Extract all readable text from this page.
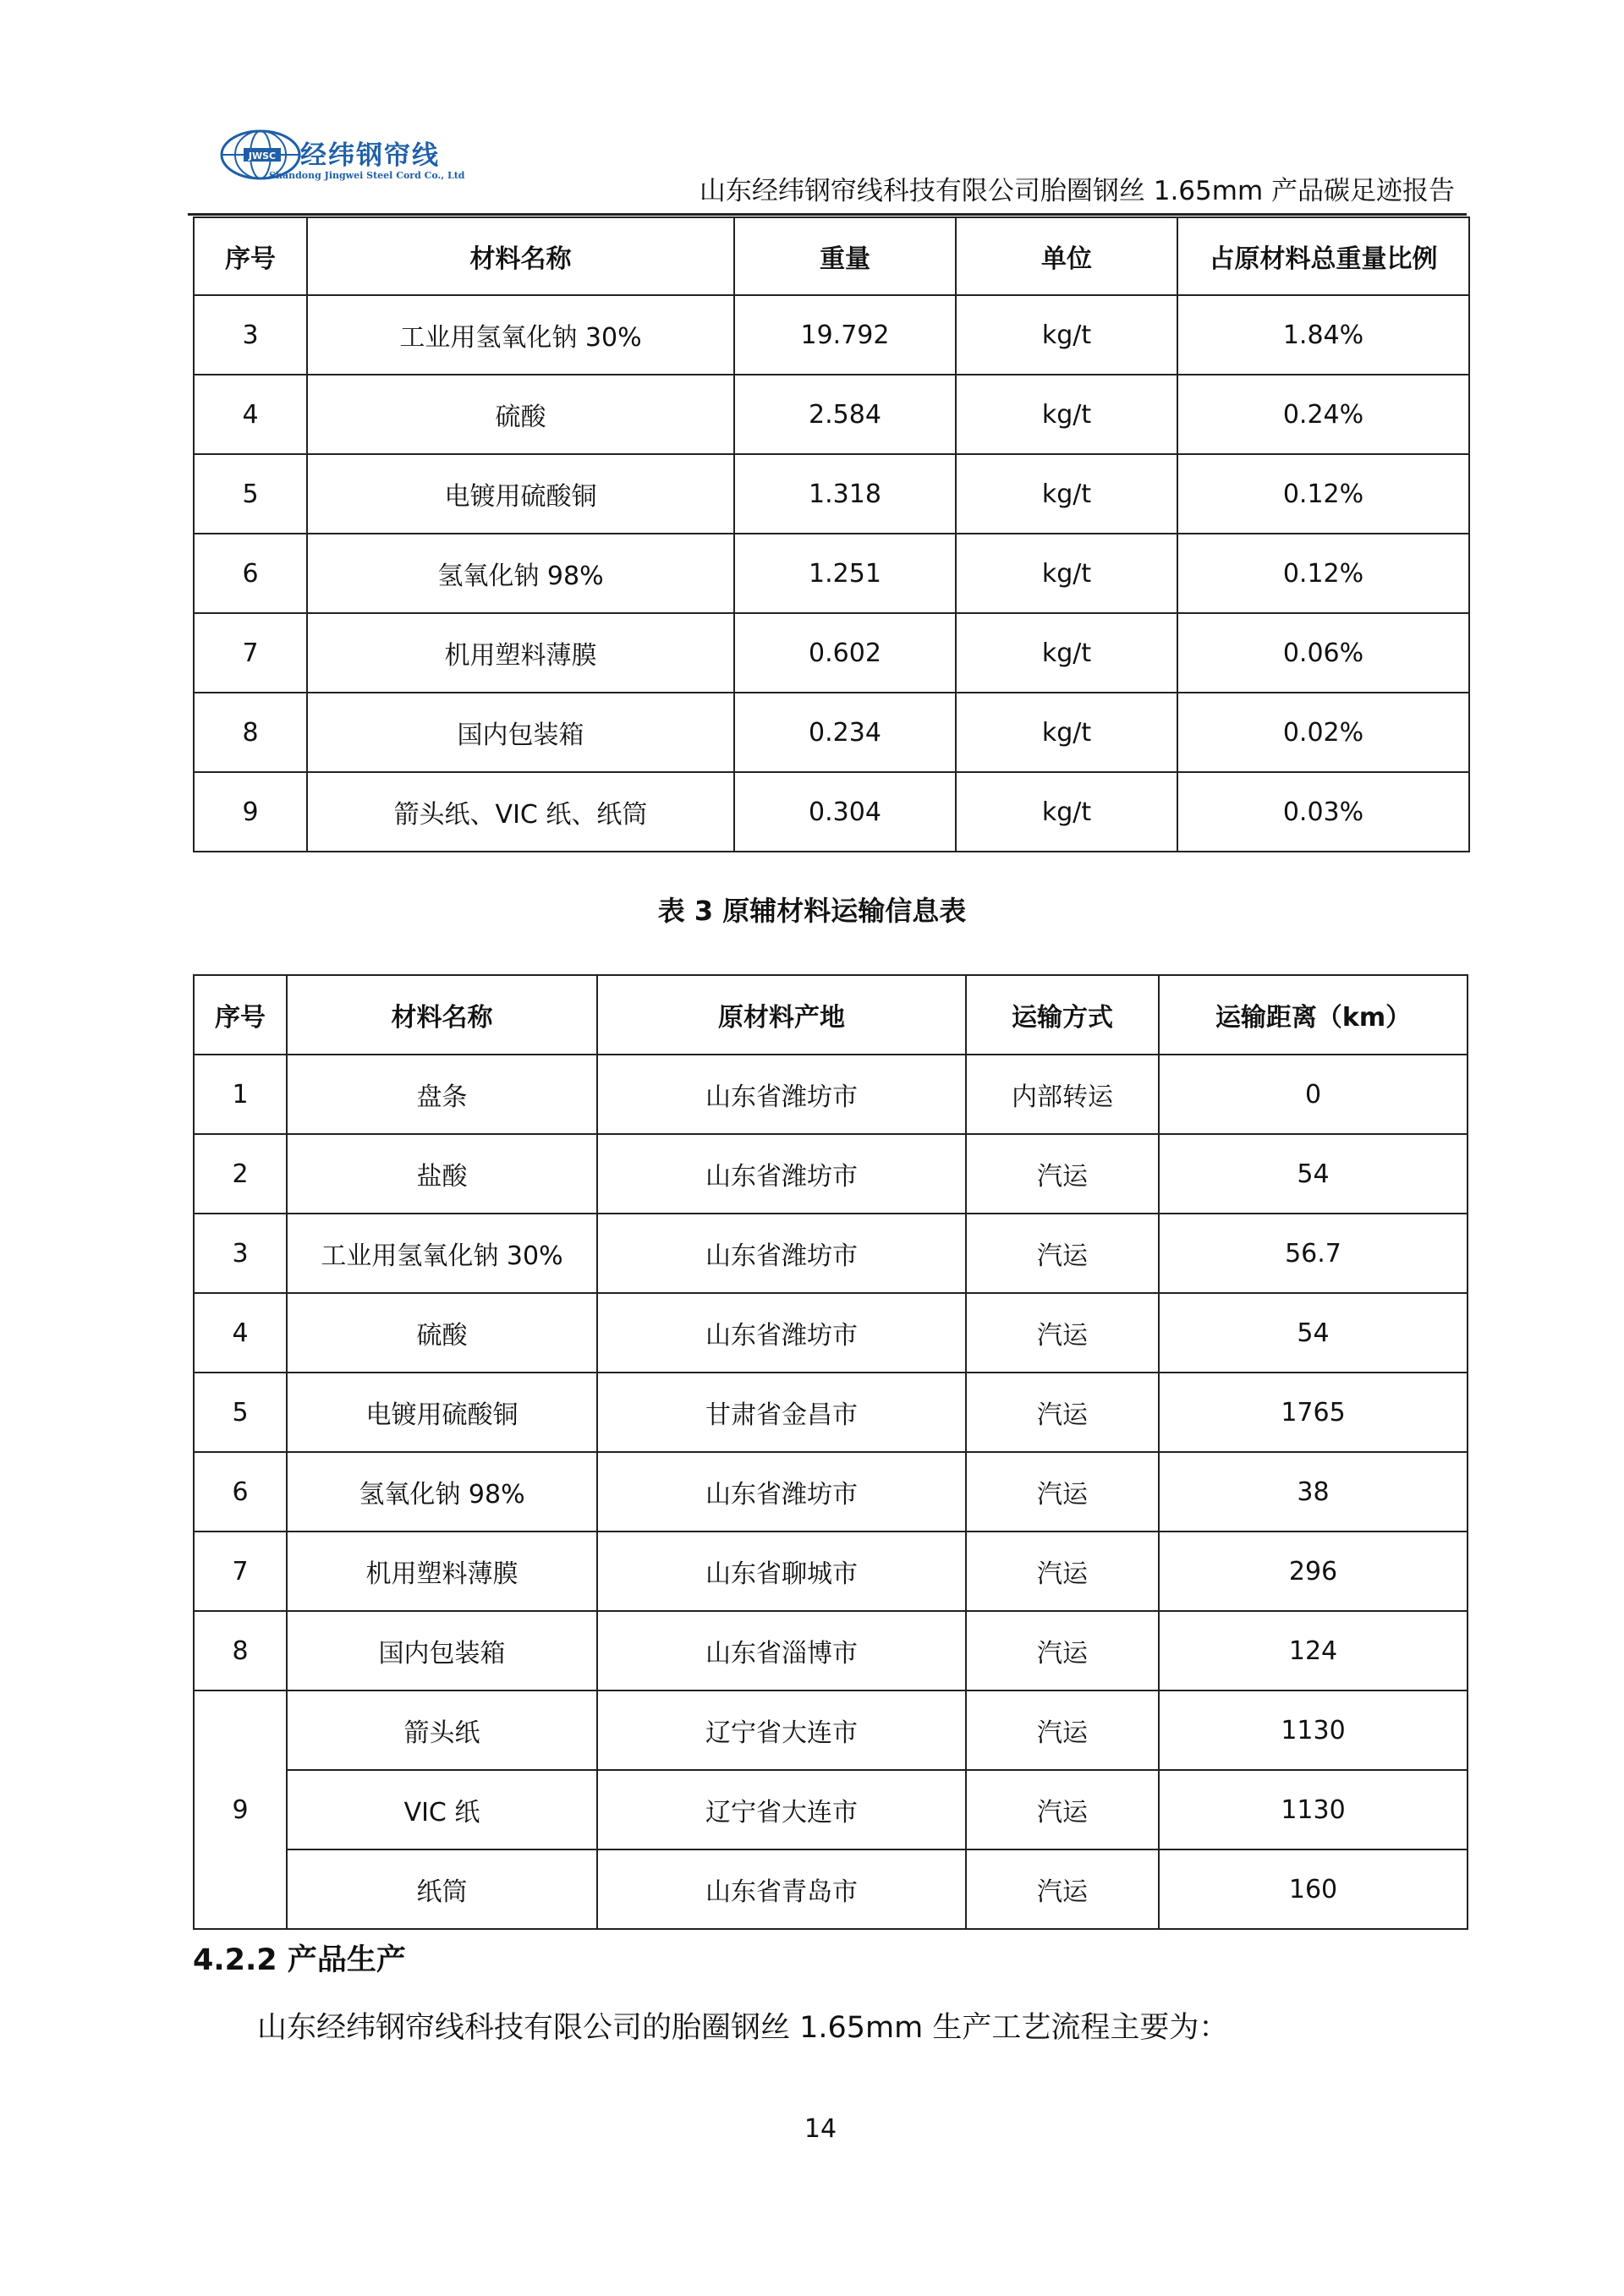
JWSC 经纬钢帘线
Shandong Jingwei Steel Cord Co., Ltd
山东经纬钢帘线科技有限公司胎圈钢丝 1.65mm 产品碳足迹报告
序号	材料名称	重量	单位	占原材料总重量比例
3	工业用氢氧化钠 30%	19.792	kg/t	1.84%
4	硫酸	2.584	kg/t	0.24%
5	电镀用硫酸铜	1.318	kg/t	0.12%
6	氢氧化钠 98%	1.251	kg/t	0.12%
7	机用塑料薄膜	0.602	kg/t	0.06%
8	国内包装箱	0.234	kg/t	0.02%
9	箭头纸、VIC 纸、纸筒	0.304	kg/t	0.03%
表 3 原辅材料运输信息表
序号	材料名称	原材料产地	运输方式	运输距离（km）
1	盘条	山东省潍坊市	内部转运	0
2	盐酸	山东省潍坊市	汽运	54
3	工业用氢氧化钠 30%	山东省潍坊市	汽运	56.7
4	硫酸	山东省潍坊市	汽运	54
5	电镀用硫酸铜	甘肃省金昌市	汽运	1765
6	氢氧化钠 98%	山东省潍坊市	汽运	38
7	机用塑料薄膜	山东省聊城市	汽运	296
8	国内包装箱	山东省淄博市	汽运	124
9	箭头纸	辽宁省大连市	汽运	1130
	VIC 纸	辽宁省大连市	汽运	1130
	纸筒	山东省青岛市	汽运	160
4.2.2 产品生产
山东经纬钢帘线科技有限公司的胎圈钢丝 1.65mm 生产工艺流程主要为：
14
